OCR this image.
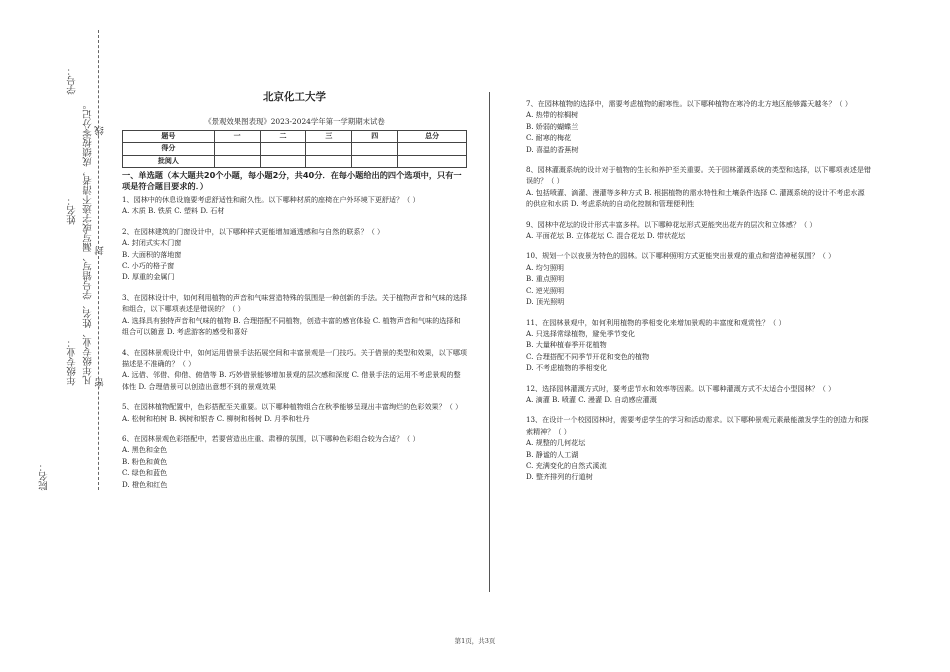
学号：
姓名：
年级专业：
院名：
凡年级专业、姓名、学号错写、漏写或字迹不清者，成绩按零分记。 线
封
密
北京化工大学
《景观效果图表现》2023-2024学年第一学期期末试卷
题号	一	二	三	四	总分
得分					
批阅人					
一、单选题（本大题共20个小题，每小题2分，共40分．在每小题给出的四个选项中，只有一项是符合题目要求的．）
1、园林中的休息设施要考虑舒适性和耐久性。以下哪种材质的座椅在户外环境下更舒适？（ ）
A. 木质 B. 铁质 C. 塑料 D. 石材
2、在园林建筑的门窗设计中，以下哪种样式更能增加通透感和与自然的联系？（ ）
A. 封闭式实木门窗
B. 大面积的落地窗
C. 小巧的格子窗
D. 厚重的金属门
3、在园林设计中，如何利用植物的声音和气味营造特殊的氛围是一种创新的手法。关于植物声音和气味的选择和组合，以下哪项表述是错误的？（ ）
A. 选择具有独特声音和气味的植物 B. 合理搭配不同植物，创造丰富的感官体验 C. 植物声音和气味的选择和组合可以随意 D. 考虑游客的感受和喜好
4、在园林景观设计中，如何运用借景手法拓展空间和丰富景观是一门技巧。关于借景的类型和效果，以下哪项描述是不准确的？（ ）
A. 远借、邻借、仰借、俯借等 B. 巧妙借景能够增加景观的层次感和深度 C. 借景手法的运用不考虑景观的整体性 D. 合理借景可以创造出意想不到的景观效果
5、在园林植物配置中，色彩搭配至关重要。以下哪种植物组合在秋季能够呈现出丰富绚烂的色彩效果？（ ）
A. 松树和柏树 B. 枫树和银杏 C. 柳树和杨树 D. 月季和牡丹
6、在园林景观色彩搭配中，若要营造出庄重、肃穆的氛围，以下哪种色彩组合较为合适？（ ）
A. 黑色和金色
B. 粉色和黄色
C. 绿色和蓝色
D. 橙色和红色
7、在园林植物的选择中，需要考虑植物的耐寒性。以下哪种植物在寒冷的北方地区能够露天越冬？（ ）
A. 热带的棕榈树
B. 娇弱的蝴蝶兰
C. 耐寒的梅花
D. 喜温的香蕉树
8、园林灌溉系统的设计对于植物的生长和养护至关重要。关于园林灌溉系统的类型和选择，以下哪项表述是错误的？（ ）
A. 包括喷灌、滴灌、漫灌等多种方式 B. 根据植物的需水特性和土壤条件选择 C. 灌溉系统的设计不考虑水源的供应和水质 D. 考虑系统的自动化控制和管理便利性
9、园林中花坛的设计形式丰富多样。以下哪种花坛形式更能突出花卉的层次和立体感？（ ）
A. 平面花坛 B. 立体花坛 C. 混合花坛 D. 带状花坛
10、规划一个以夜景为特色的园林。以下哪种照明方式更能突出景观的重点和营造神秘氛围？（ ）
A. 均匀照明
B. 重点照明
C. 逆光照明
D. 顶光照明
11、在园林景观中，如何利用植物的季相变化来增加景观的丰富度和观赏性？（ ）
A. 只选择常绿植物，避免季节变化
B. 大量种植春季开花植物
C. 合理搭配不同季节开花和变色的植物
D. 不考虑植物的季相变化
12、选择园林灌溉方式时，要考虑节水和效率等因素。以下哪种灌溉方式不太适合小型园林？（ ）
A. 滴灌 B. 喷灌 C. 漫灌 D. 自动感应灌溉
13、在设计一个校园园林时，需要考虑学生的学习和活动需求。以下哪种景观元素最能激发学生的创造力和探索精神？（ ）
A. 规整的几何花坛
B. 静谧的人工湖
C. 充满变化的自然式溪流
D. 整齐排列的行道树
第1页，共3页
